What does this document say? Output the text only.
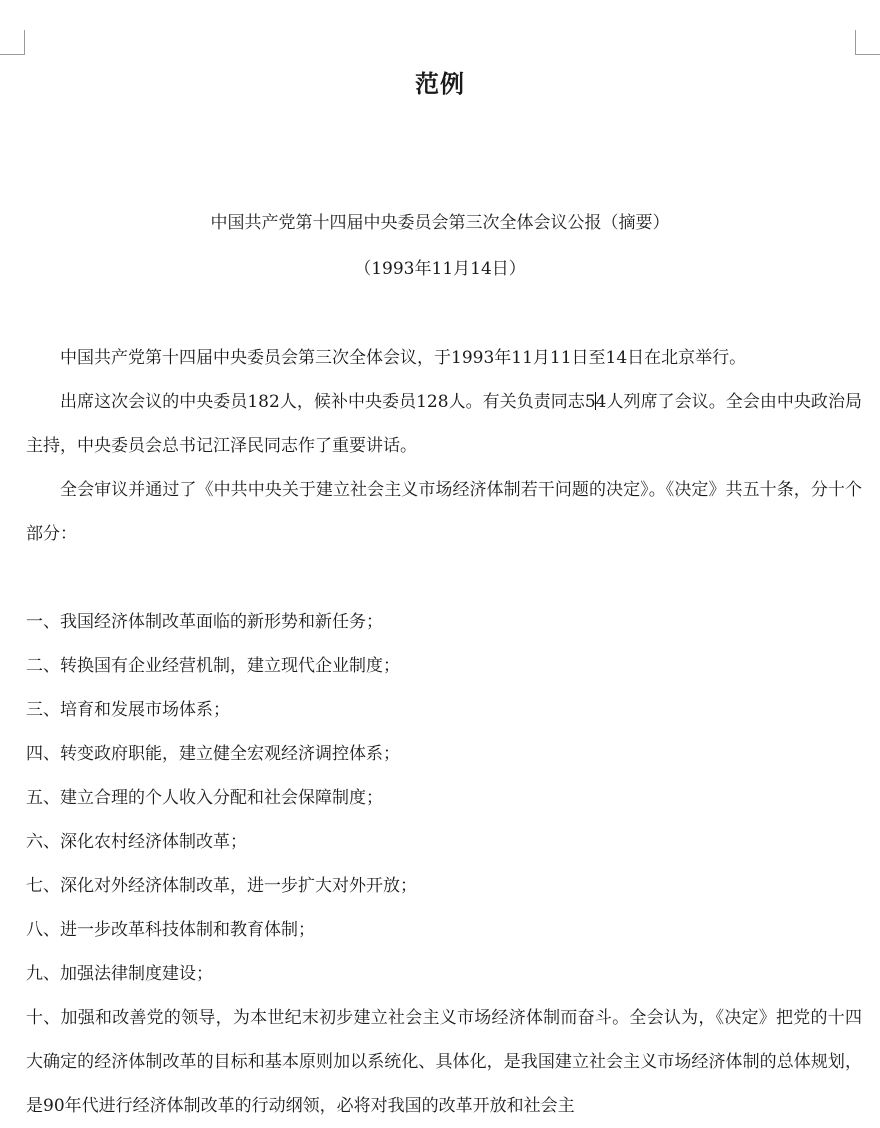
范例
中国共产党第十四届中央委员会第三次全体会议公报（摘要）
（1993年11月14日）

中国共产党第十四届中央委员会第三次全体会议，于1993年11月11日至14日在北京举行。

出席这次会议的中央委员182人，候补中央委员128人。有关负责同志54人列席了会议。全会由中央政治局主持，中央委员会总书记江泽民同志作了重要讲话。

全会审议并通过了《中共中央关于建立社会主义市场经济体制若干问题的决定》。《决定》共五十条，分十个部分：

一、我国经济体制改革面临的新形势和新任务；
二、转换国有企业经营机制，建立现代企业制度；
三、培育和发展市场体系；
四、转变政府职能，建立健全宏观经济调控体系；
五、建立合理的个人收入分配和社会保障制度；
六、深化农村经济体制改革；
七、深化对外经济体制改革，进一步扩大对外开放；
八、进一步改革科技体制和教育体制；
九、加强法律制度建设；
十、加强和改善党的领导，为本世纪末初步建立社会主义市场经济体制而奋斗。全会认为，《决定》把党的十四大确定的经济体制改革的目标和基本原则加以系统化、具体化，是我国建立社会主义市场经济体制的总体规划，是90年代进行经济体制改革的行动纲领，必将对我国的改革开放和社会主
